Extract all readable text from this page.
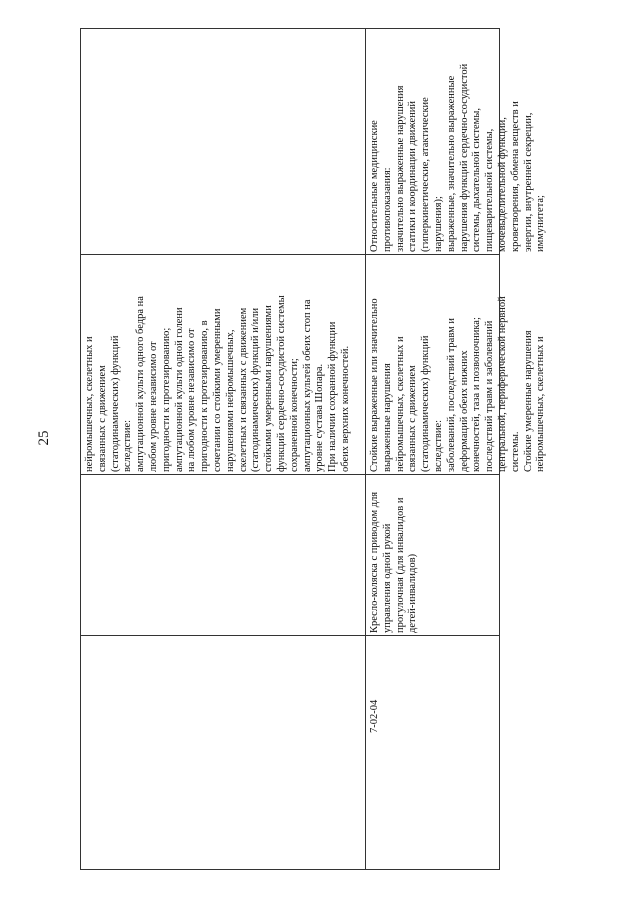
25	нейромышечных, скелетных и
связанных с движением
(статодинамических) функций
вследствие:
ампутационной культи одного бедра на
любом уровне независимо от
пригодности к протезированию;
ампутационной культи одной голени
на любом уровне независимо от
пригодности к протезированию, в
сочетании со стойкими умеренными
нарушениями нейромышечных,
скелетных и связанных с движением
(статодинамических) функций и/или
стойкими умеренными нарушениями
функций сердечно-сосудистой системы
сохраненной конечности;
ампутационных культей обеих стоп на
уровне сустава Шопара.
При наличии сохранной функции
обеих верхних конечностей.
7-02-04
Кресло-коляска с приводом для
управления одной рукой
прогулочная (для инвалидов и
детей-инвалидов)
Стойкие выраженные или значительно
выраженные нарушения
нейромышечных, скелетных и
связанных с движением
(статодинамических) функций
вследствие:
заболеваний, последствий травм и
деформаций обеих нижних
конечностей, таза и позвоночника;
последствий травм и заболеваний
центральной, периферической нервной
системы.
Стойкие умеренные нарушения
нейромышечных, скелетных и
Относительные медицинские
противопоказания:
значительно выраженные нарушения
статики и координации движений
(гиперкинетические, атактические
нарушения);
выраженные, значительно выраженные
нарушения функций сердечно-сосудистой
системы, дыхательной системы,
пищеварительной системы,
мочевыделительной функции,
кроветворения, обмена веществ и
энергии, внутренней секреции,
иммунитета;
